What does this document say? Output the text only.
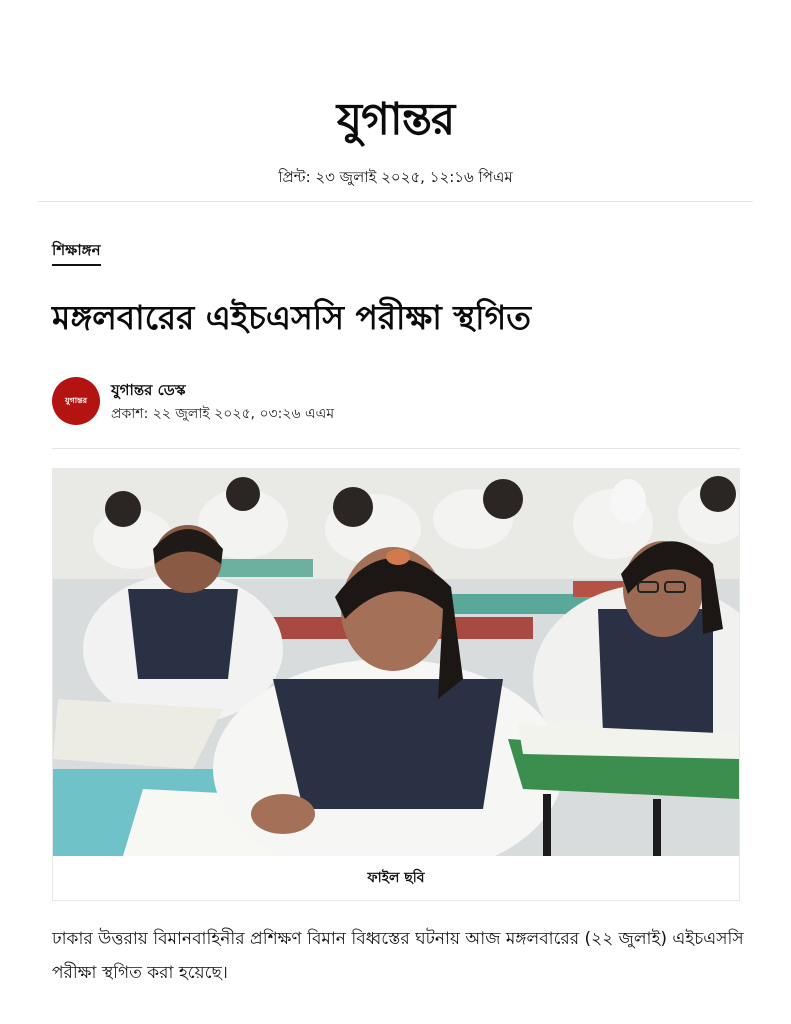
যুগান্তর
প্রিন্ট: ২৩ জুলাই ২০২৫, ১২:১৬ পিএম
শিক্ষাঙ্গন
মঙ্গলবারের এইচএসসি পরীক্ষা স্থগিত
যুগান্তর
যুগান্তর ডেস্ক
প্রকাশ: ২২ জুলাই ২০২৫, ০৩:২৬ এএম
ফাইল ছবি

ঢাকার উত্তরায় বিমানবাহিনীর প্রশিক্ষণ বিমান বিধ্বস্তের ঘটনায় আজ মঙ্গলবারের (২২ জুলাই) এইচএসসি পরীক্ষা স্থগিত করা হয়েছে।
